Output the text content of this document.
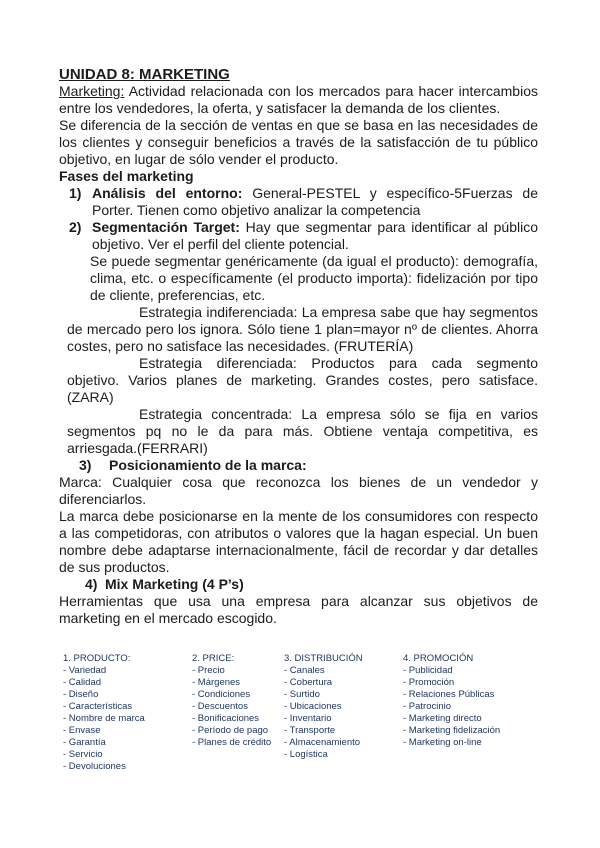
UNIDAD 8: MARKETING

Marketing: Actividad relacionada con los mercados para hacer intercambios entre los vendedores, la oferta, y satisfacer la demanda de los clientes.

Se diferencia de la sección de ventas en que se basa en las necesidades de los clientes y conseguir beneficios a través de la satisfacción de tu público objetivo, en lugar de sólo vender el producto.

Fases del marketing

1) Análisis del entorno: General-PESTEL y específico-5Fuerzas de Porter. Tienen como objetivo analizar la competencia

2) Segmentación Target: Hay que segmentar para identificar al público objetivo. Ver el perfil del cliente potencial.

Se puede segmentar genéricamente (da igual el producto): demografía, clima, etc. o específicamente (el producto importa): fidelización por tipo de cliente, preferencias, etc.

Estrategia indiferenciada: La empresa sabe que hay segmentos de mercado pero los ignora. Sólo tiene 1 plan=mayor nº de clientes. Ahorra costes, pero no satisface las necesidades. (FRUTERÍA)

Estrategia diferenciada: Productos para cada segmento objetivo. Varios planes de marketing. Grandes costes, pero satisface. (ZARA)

Estrategia concentrada: La empresa sólo se fija en varios segmentos pq no le da para más. Obtiene ventaja competitiva, es arriesgada.(FERRARI)

3) Posicionamiento de la marca:

Marca: Cualquier cosa que reconozca los bienes de un vendedor y diferenciarlos.

La marca debe posicionarse en la mente de los consumidores con respecto a las competidoras, con atributos o valores que la hagan especial. Un buen nombre debe adaptarse internacionalmente, fácil de recordar y dar detalles de sus productos.

4) Mix Marketing (4 P’s)

Herramientas que usa una empresa para alcanzar sus objetivos de marketing en el mercado escogido.

1. PRODUCTO:
- Variedad
- Calidad
- Diseño
- Características
- Nombre de marca
- Envase
- Garantía
- Servicio
- Devoluciones
2. PRICE:
- Precio
- Márgenes
- Condiciones
- Descuentos
- Bonificaciones
- Período de pago
- Planes de crédito
3. DISTRIBUCIÓN
- Canales
- Cobertura
- Surtido
- Ubicaciones
- Inventario
- Transporte
- Almacenamiento
- Logística
4. PROMOCIÓN
- Publicidad
- Promoción
- Relaciones Públicas
- Patrocinio
- Marketing directo
- Marketing fidelización
- Marketing on-line
